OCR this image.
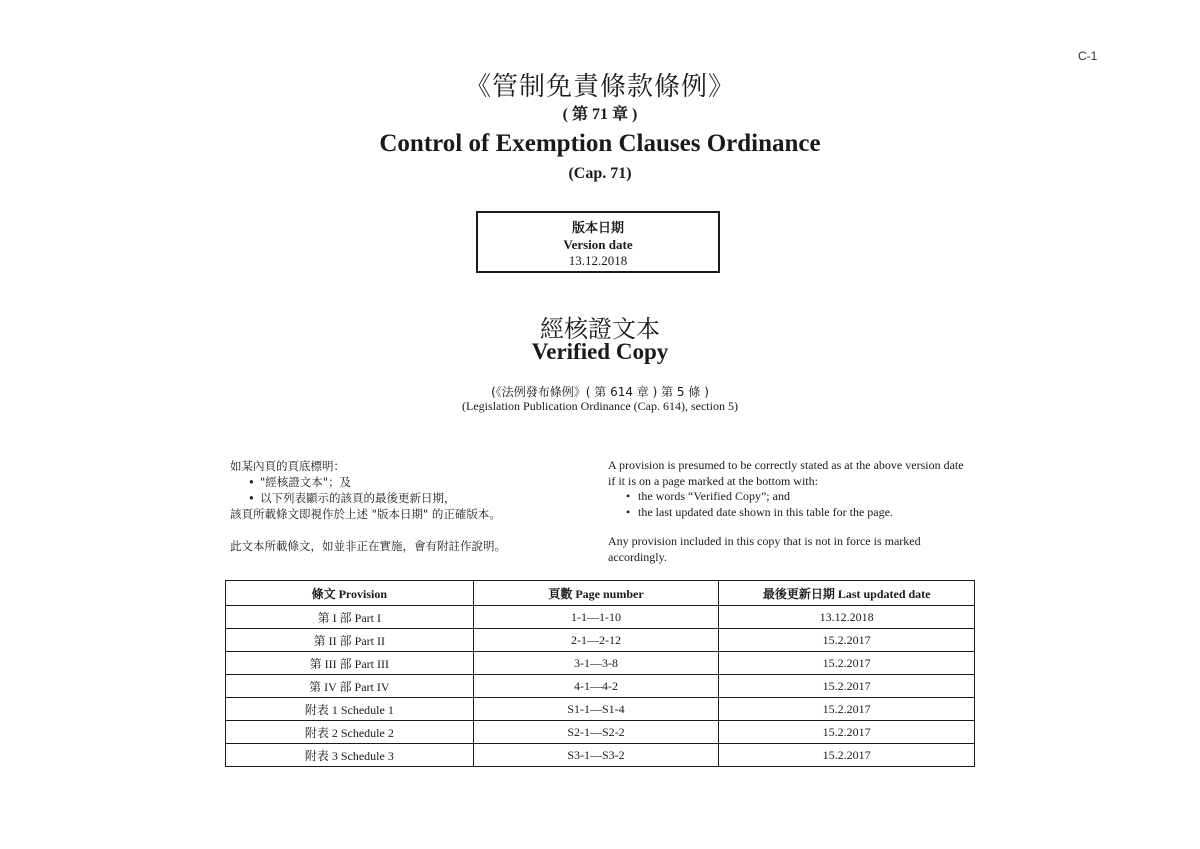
C-1
《管制免責條款條例》
( 第 71 章 )
Control of Exemption Clauses Ordinance
(Cap. 71)
版本日期
Version date
13.12.2018
經核證文本
Verified Copy
(《法例發布條例》( 第 614 章 ) 第 5 條 )
(Legislation Publication Ordinance (Cap. 614), section 5)
如某內頁的頁底標明：
• "經核證文本"；及
• 以下列表顯示的該頁的最後更新日期，
該頁所載條文即視作於上述 "版本日期" 的正確版本。
此文本所載條文，如並非正在實施，會有附註作說明。
A provision is presumed to be correctly stated as at the above version date if it is on a page marked at the bottom with:
• the words “Verified Copy”; and
• the last updated date shown in this table for the page.
Any provision included in this copy that is not in force is marked accordingly.
條文 Provision	頁數 Page number	最後更新日期 Last updated date
第 I 部 Part I	1-1—1-10	13.12.2018
第 II 部 Part II	2-1—2-12	15.2.2017
第 III 部 Part III	3-1—3-8	15.2.2017
第 IV 部 Part IV	4-1—4-2	15.2.2017
附表 1 Schedule 1	S1-1—S1-4	15.2.2017
附表 2 Schedule 2	S2-1—S2-2	15.2.2017
附表 3 Schedule 3	S3-1—S3-2	15.2.2017
